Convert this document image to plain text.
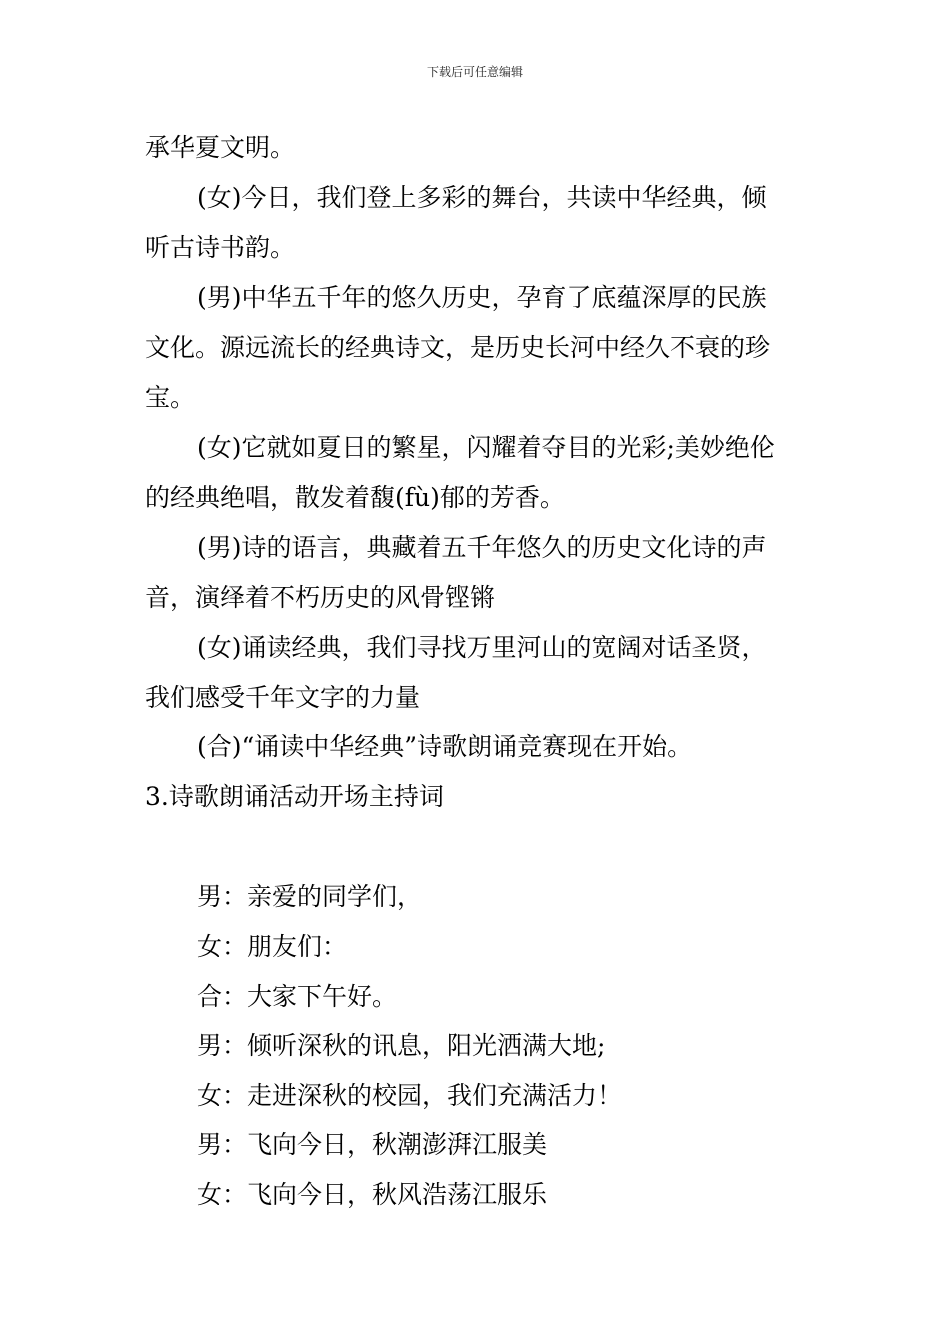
下载后可任意编辑
承华夏文明。
(女)今日，我们登上多彩的舞台，共读中华经典，倾
听古诗书韵。
(男)中华五千年的悠久历史，孕育了底蕴深厚的民族
文化。源远流长的经典诗文，是历史长河中经久不衰的珍
宝。
(女)它就如夏日的繁星，闪耀着夺目的光彩;美妙绝伦
的经典绝唱，散发着馥(fù)郁的芳香。
(男)诗的语言，典藏着五千年悠久的历史文化诗的声
音，演绎着不朽历史的风骨铿锵
(女)诵读经典，我们寻找万里河山的宽阔对话圣贤，
我们感受千年文字的力量
(合)“诵读中华经典”诗歌朗诵竞赛现在开始。
3.诗歌朗诵活动开场主持词
男：亲爱的同学们，
女：朋友们：
合：大家下午好。
男：倾听深秋的讯息，阳光洒满大地;
女：走进深秋的校园，我们充满活力！
男：飞向今日，秋潮澎湃江服美
女：飞向今日，秋风浩荡江服乐
